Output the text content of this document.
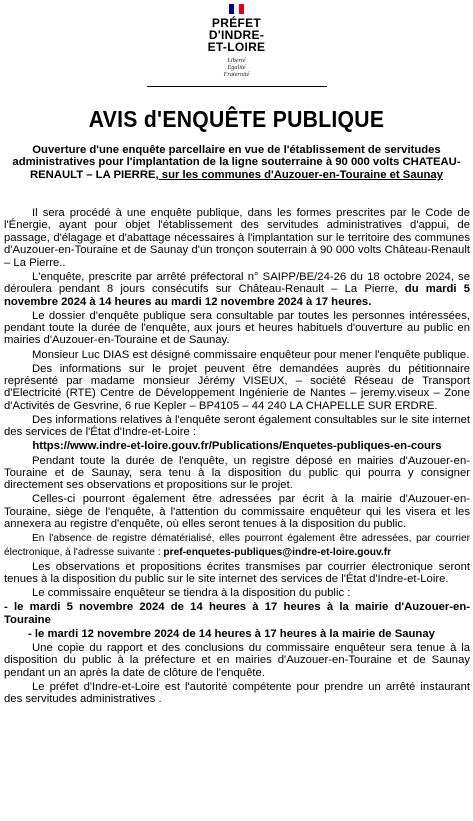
PRÉFET
D'INDRE-
ET-LOIRE
Liberté
Égalité
Fraternité
AVIS d'ENQUÊTE PUBLIQUE
Ouverture d'une enquête parcellaire en vue de l'établissement de servitudes administratives pour l'implantation de la ligne souterraine à 90 000 volts CHATEAU-RENAULT – LA PIERRE, sur les communes d'Auzouer-en-Touraine et Saunay

Il sera procédé à une enquête publique, dans les formes prescrites par le Code de l'Énergie, ayant pour objet l'établissement des servitudes administratives d'appui, de passage, d'élagage et d'abattage nécessaires à l'implantation sur le territoire des communes d'Auzouer-en-Touraine et de Saunay d'un tronçon souterrain à 90 000 volts Château-Renault – La Pierre..

L'enquête, prescrite par arrêté préfectoral n° SAIPP/BE/24-26 du 18 octobre 2024, se déroulera pendant 8 jours consécutifs sur Château-Renault – La Pierre, du mardi 5 novembre 2024 à 14 heures au mardi 12 novembre 2024 à 17 heures.

Le dossier d'enquête publique sera consultable par toutes les personnes intéressées, pendant toute la durée de l'enquête, aux jours et heures habituels d'ouverture au public en mairies d'Auzouer-en-Touraine et de Saunay.

Monsieur Luc DIAS est désigné commissaire enquêteur pour mener l'enquête publique.

Des informations sur le projet peuvent être demandées auprès du pétitionnaire représenté par madame monsieur Jérémy VISEUX, – société Réseau de Transport d'Electricité (RTE) Centre de Développement Ingénierie de Nantes – jeremy.viseux – Zone d'Activités de Gesvrine, 6 rue Kepler – BP4105 – 44 240 LA CHAPELLE SUR ERDRE.

Des informations relatives à l'enquête seront également consultables sur le site internet des services de l'État d'Indre-et-Loire :

https://www.indre-et-loire.gouv.fr/Publications/Enquetes-publiques-en-cours

Pendant toute la durée de l'enquête, un registre déposé en mairies d'Auzouer-en-Touraine et de Saunay, sera tenu à la disposition du public qui pourra y consigner directement ses observations et propositions sur le projet.

Celles-ci pourront également être adressées par écrit à la mairie d'Auzouer-en-Touraine, siège de l'enquête, à l'attention du commissaire enquêteur qui les visera et les annexera au registre d'enquête, où elles seront tenues à la disposition du public.

En l'absence de registre dématérialisé, elles pourront également être adressées, par courrier électronique, à l'adresse suivante : pref-enquetes-publiques@indre-et-loire.gouv.fr

Les observations et propositions écrites transmises par courrier électronique seront tenues à la disposition du public sur le site internet des services de l'État d'Indre-et-Loire.

Le commissaire enquêteur se tiendra à la disposition du public :

- le mardi 5 novembre 2024 de 14 heures à 17 heures à la mairie d'Auzouer-en-Touraine

- le mardi 12 novembre 2024 de 14 heures à 17 heures à la mairie de Saunay

Une copie du rapport et des conclusions du commissaire enquêteur sera tenue à la disposition du public à la préfecture et en mairies d'Auzouer-en-Touraine et de Saunay pendant un an après la date de clôture de l'enquête.

Le préfet d'Indre-et-Loire est l'autorité compétente pour prendre un arrêté instaurant des servitudes administratives .
